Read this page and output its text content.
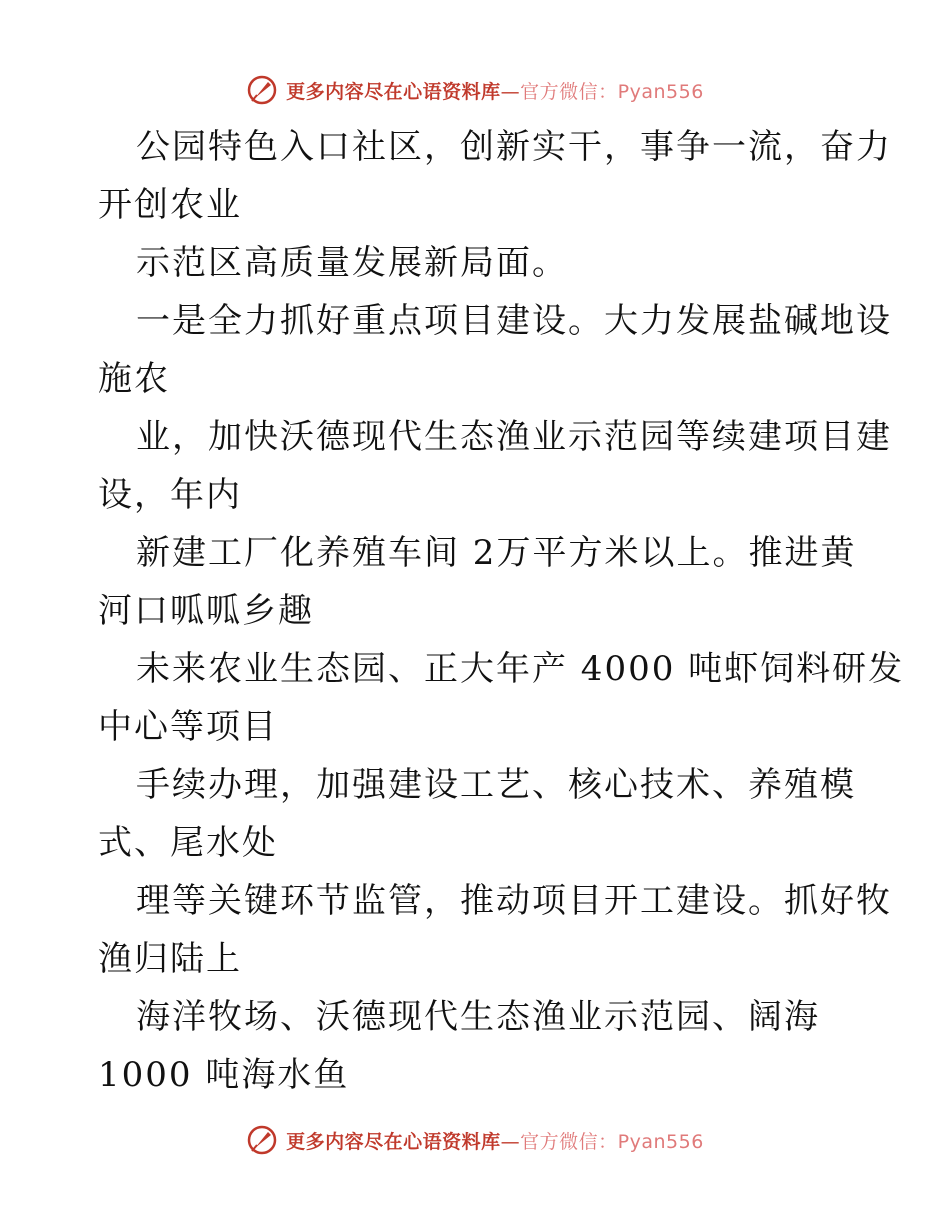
更多内容尽在心语资料库—官方微信：Pyan556
公园特色入口社区，创新实干，事争一流，奋力
开创农业
示范区高质量发展新局面。
一是全力抓好重点项目建设。大力发展盐碱地设
施农
业，加快沃德现代生态渔业示范园等续建项目建
设，年内
新建工厂化养殖车间 2万平方米以上。推进黄
河口呱呱乡趣
未来农业生态园、正大年产 4000 吨虾饲料研发
中心等项目
手续办理，加强建设工艺、核心技术、养殖模
式、尾水处
理等关键环节监管，推动项目开工建设。抓好牧
渔归陆上
海洋牧场、沃德现代生态渔业示范园、阔海
1000 吨海水鱼
更多内容尽在心语资料库—官方微信：Pyan556
